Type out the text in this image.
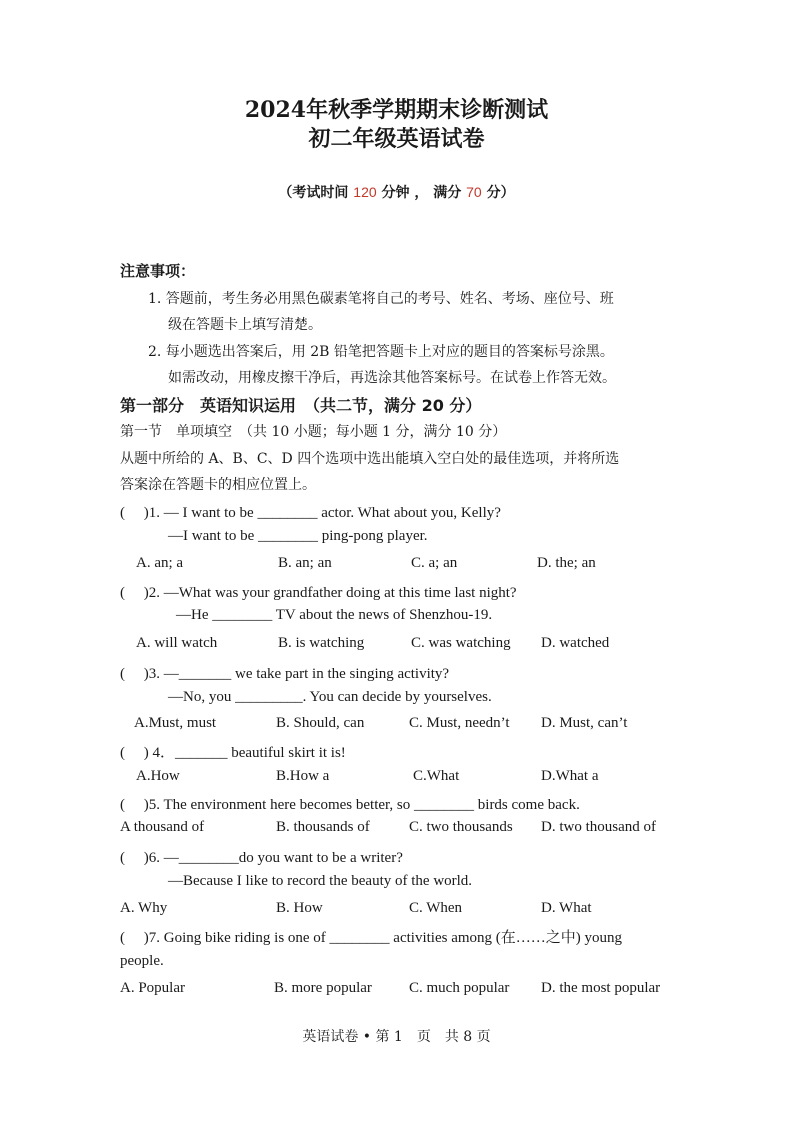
2024年秋季学期期末诊断测试
初二年级英语试卷
（考试时间 120 分钟 ， 满分 70 分）
注意事项：
1. 答题前，考生务必用黑色碳素笔将自己的考号、姓名、考场、座位号、班
级在答题卡上填写清楚。
2. 每小题选出答案后，用 2B 铅笔把答题卡上对应的题目的答案标号涂黑。
如需改动，用橡皮擦干净后，再选涂其他答案标号。在试卷上作答无效。
第一部分　英语知识运用　（共二节，满分 20 分）
第一节　单项填空　（共 10 小题；每小题 1 分，满分 10 分）
从题中所给的 A、B、C、D 四个选项中选出能填入空白处的最佳选项，并将所选
答案涂在答题卡的相应位置上。
(　 )1. — I want to be ________ actor. What about you, Kelly?
—I want to be ________ ping-pong player.
A. an; a	B. an; an	C. a; an	D. the; an
(　 )2. —What was your grandfather doing at this time last night?
—He ________ TV about the news of Shenzhou-19.
A. will watch	B. is watching	C. was watching D. watched
(　 )3. —_______ we take part in the singing activity?
—No, you _________. You can decide by yourselves.
A.Must, must	B. Should, can	C. Must, needn’t D. Must, can’t
(　 ) 4．_______ beautiful skirt it is!
A.How	B.How a	C.What	D.What a
(　 )5. The environment here becomes better, so ________ birds come back.
A thousand of	B. thousands of	C. two thousands D. two thousand of
(　 )6. —________do you want to be a writer?
—Because I like to record the beauty of the world.
A. Why	B. How	C. When	D. What
(　 )7. Going bike riding is one of ________ activities among (在……之中) young
people.
A. Popular	B. more popular C. much popular D. the most popular
英语试卷 • 第 1　页　共 8 页
